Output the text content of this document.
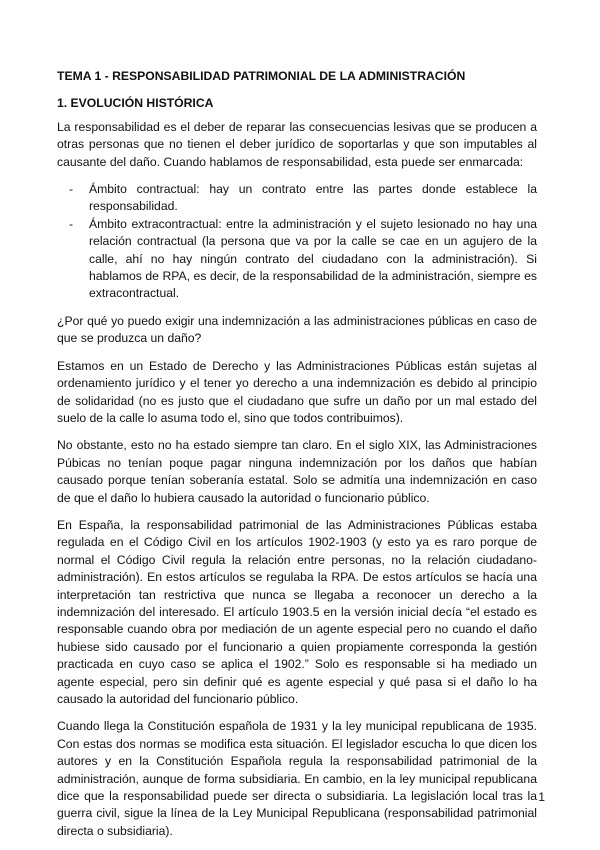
TEMA 1 - RESPONSABILIDAD PATRIMONIAL DE LA ADMINISTRACIÓN
1. EVOLUCIÓN HISTÓRICA

La responsabilidad es el deber de reparar las consecuencias lesivas que se producen a otras personas que no tienen el deber jurídico de soportarlas y que son imputables al causante del daño. Cuando hablamos de responsabilidad, esta puede ser enmarcada:

- Ámbito contractual: hay un contrato entre las partes donde establece la responsabilidad.
- Ámbito extracontractual: entre la administración y el sujeto lesionado no hay una relación contractual (la persona que va por la calle se cae en un agujero de la calle, ahí no hay ningún contrato del ciudadano con la administración). Si hablamos de RPA, es decir, de la responsabilidad de la administración, siempre es extracontractual.

¿Por qué yo puedo exigir una indemnización a las administraciones públicas en caso de que se produzca un daño?

Estamos en un Estado de Derecho y las Administraciones Públicas están sujetas al ordenamiento jurídico y el tener yo derecho a una indemnización es debido al principio de solidaridad (no es justo que el ciudadano que sufre un daño por un mal estado del suelo de la calle lo asuma todo el, sino que todos contribuimos).

No obstante, esto no ha estado siempre tan claro. En el siglo XIX, las Administraciones Púbicas no tenían poque pagar ninguna indemnización por los daños que habían causado porque tenían soberanía estatal. Solo se admitía una indemnización en caso de que el daño lo hubiera causado la autoridad o funcionario público.

En España, la responsabilidad patrimonial de las Administraciones Públicas estaba regulada en el Código Civil en los artículos 1902-1903 (y esto ya es raro porque de normal el Código Civil regula la relación entre personas, no la relación ciudadano-administración). En estos artículos se regulaba la RPA. De estos artículos se hacía una interpretación tan restrictiva que nunca se llegaba a reconocer un derecho a la indemnización del interesado. El artículo 1903.5 en la versión inicial decía “el estado es responsable cuando obra por mediación de un agente especial pero no cuando el daño hubiese sido causado por el funcionario a quien propiamente corresponda la gestión practicada en cuyo caso se aplica el 1902.” Solo es responsable si ha mediado un agente especial, pero sin definir qué es agente especial y qué pasa si el daño lo ha causado la autoridad del funcionario público.

Cuando llega la Constitución española de 1931 y la ley municipal republicana de 1935. Con estas dos normas se modifica esta situación. El legislador escucha lo que dicen los autores y en la Constitución Española regula la responsabilidad patrimonial de la administración, aunque de forma subsidiaria. En cambio, en la ley municipal republicana dice que la responsabilidad puede ser directa o subsidiaria. La legislación local tras la guerra civil, sigue la línea de la Ley Municipal Republicana (responsabilidad patrimonial directa o subsidiaria).

1
